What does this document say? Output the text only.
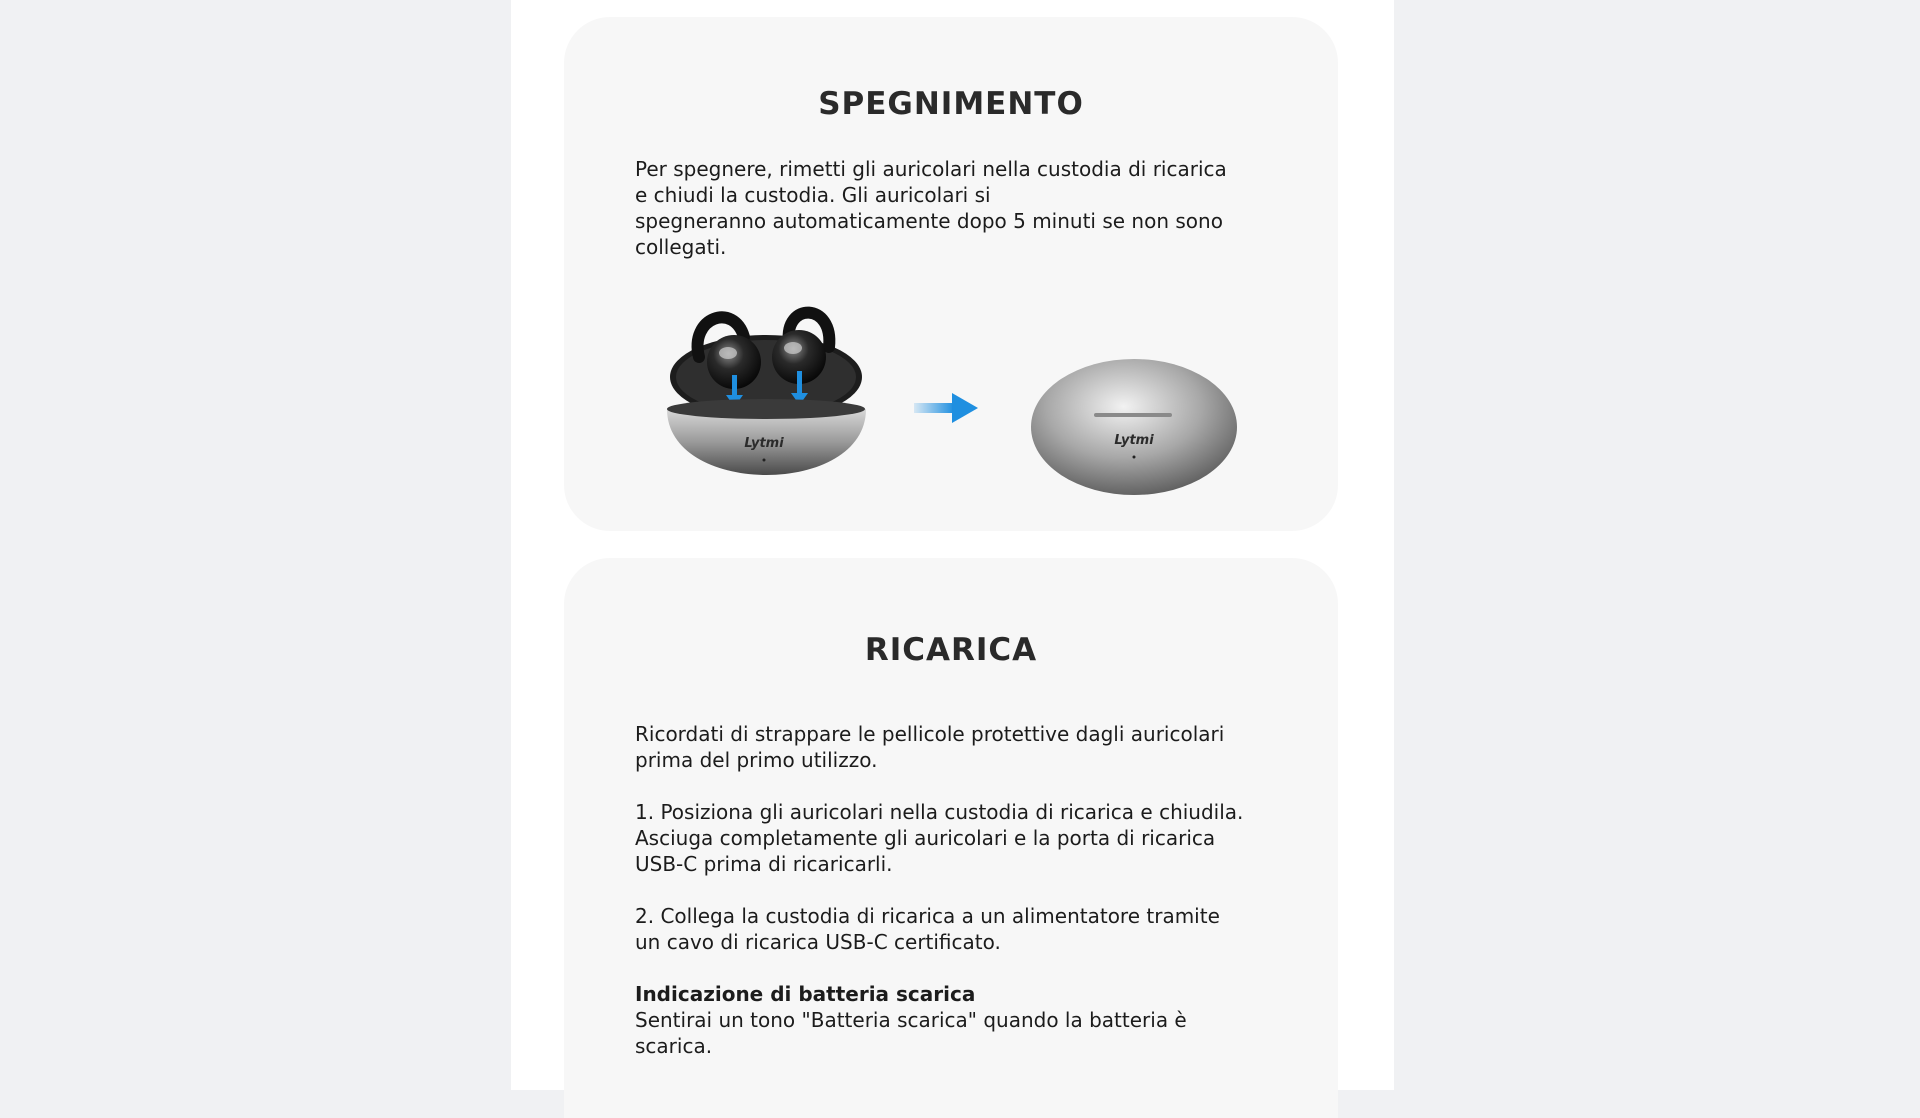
SPEGNIMENTO

Per spegnere, rimetti gli auricolari nella custodia di ricarica

e chiudi la custodia. Gli auricolari si

spegneranno automaticamente dopo 5 minuti se non sono

collegati.

Lytmi	Lytmi
RICARICA

Ricordati di strappare le pellicole protettive dagli auricolari

prima del primo utilizzo.

1. Posiziona gli auricolari nella custodia di ricarica e chiudila.

Asciuga completamente gli auricolari e la porta di ricarica

USB-C prima di ricaricarli.

2. Collega la custodia di ricarica a un alimentatore tramite

un cavo di ricarica USB-C certificato.

Indicazione di batteria scarica

Sentirai un tono "Batteria scarica" quando la batteria è

scarica.
